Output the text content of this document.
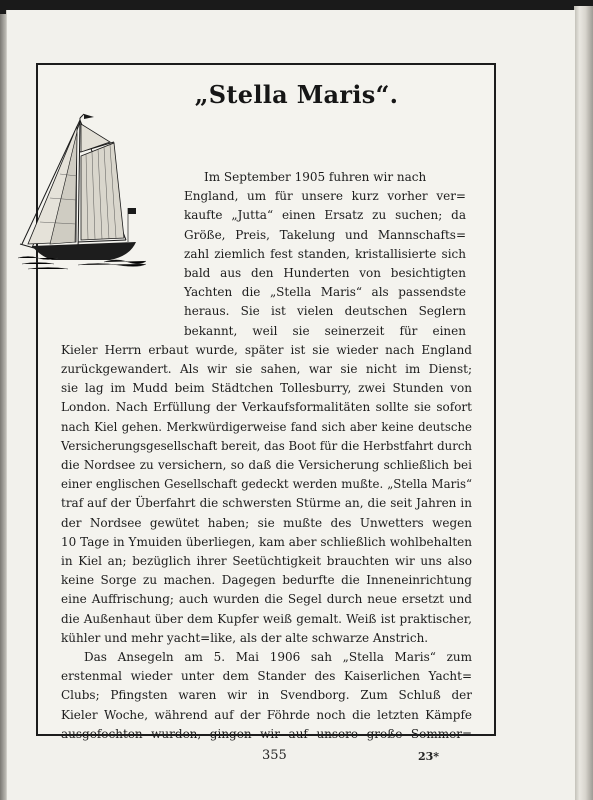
„Stella Maris“.
Im September 1905 fuhren wir nach
England, um für unsere kurz vorher ver=
kaufte „Jutta“ einen Ersatz zu suchen; da
Größe, Preis, Takelung und Mannschafts=
zahl ziemlich fest standen, kristallisierte sich
bald aus den Hunderten von besichtigten
Yachten die „Stella Maris“ als passendste
heraus. Sie ist vielen deutschen Seglern
bekannt, weil sie seinerzeit für einen
Kieler Herrn erbaut wurde, später ist sie wieder nach England
zurückgewandert. Als wir sie sahen, war sie nicht im Dienst;
sie lag im Mudd beim Städtchen Tollesburry, zwei Stunden von
London. Nach Erfüllung der Verkaufsformalitäten sollte sie sofort
nach Kiel gehen. Merkwürdigerweise fand sich aber keine deutsche
Versicherungsgesellschaft bereit, das Boot für die Herbstfahrt durch
die Nordsee zu versichern, so daß die Versicherung schließlich bei
einer englischen Gesellschaft gedeckt werden mußte. „Stella Maris“
traf auf der Überfahrt die schwersten Stürme an, die seit Jahren in
der Nordsee gewütet haben; sie mußte des Unwetters wegen
10 Tage in Ymuiden überliegen, kam aber schließlich wohlbehalten
in Kiel an; bezüglich ihrer Seetüchtigkeit brauchten wir uns also
keine Sorge zu machen. Dagegen bedurfte die Inneneinrichtung
eine Auffrischung; auch wurden die Segel durch neue ersetzt und
die Außenhaut über dem Kupfer weiß gemalt. Weiß ist praktischer,
kühler und mehr yacht=like, als der alte schwarze Anstrich.
Das Ansegeln am 5. Mai 1906 sah „Stella Maris“ zum
erstenmal wieder unter dem Stander des Kaiserlichen Yacht=
Clubs; Pfingsten waren wir in Svendborg. Zum Schluß der
Kieler Woche, während auf der Föhrde noch die letzten Kämpfe
ausgefochten wurden, gingen wir auf unsere große Sommer=
355	23*
